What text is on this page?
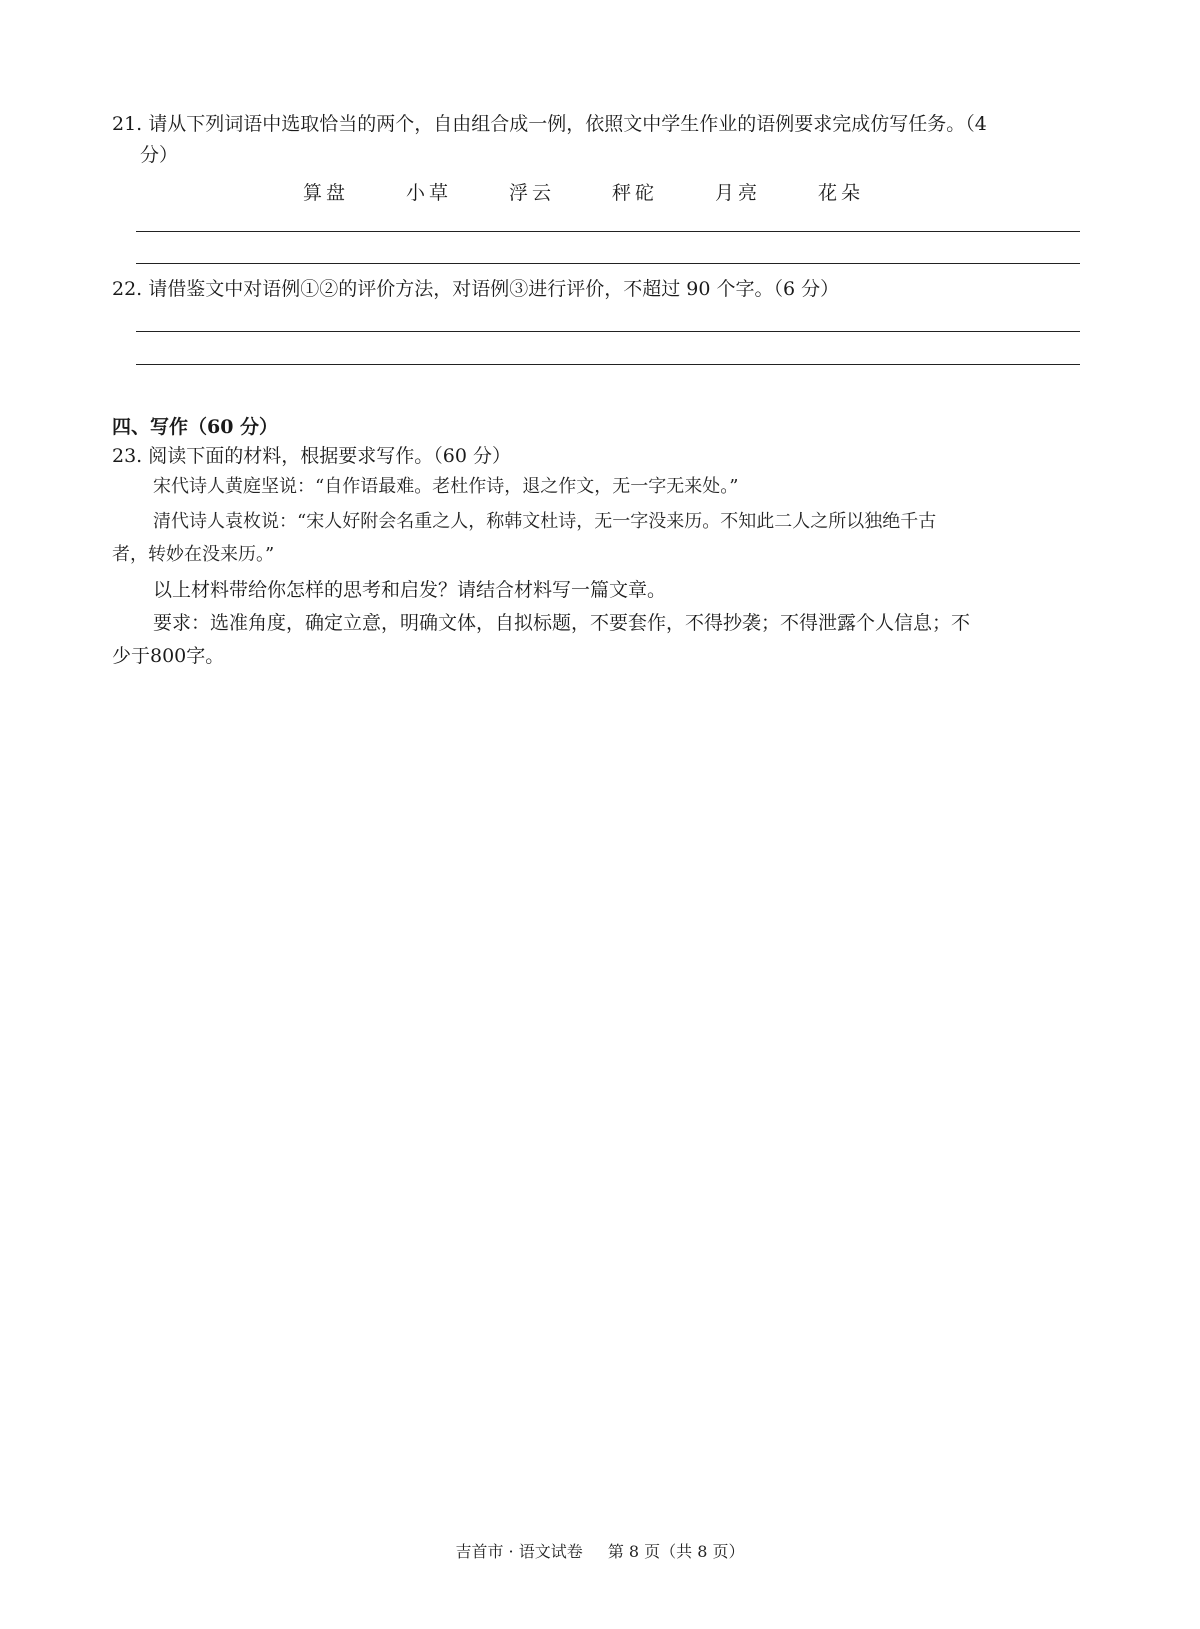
21. 请从下列词语中选取恰当的两个，自由组合成一例，依照文中学生作业的语例要求完成仿写任务。（4
分）
算盘	小草	浮云	秤砣	月亮	花朵
22. 请借鉴文中对语例①②的评价方法，对语例③进行评价，不超过 90 个字。（6 分）
四、写作（60 分）
23. 阅读下面的材料，根据要求写作。（60 分）
宋代诗人黄庭坚说：“自作语最难。老杜作诗，退之作文，无一字无来处。”
清代诗人袁枚说：“宋人好附会名重之人，称韩文杜诗，无一字没来历。不知此二人之所以独绝千古
者，转妙在没来历。”
以上材料带给你怎样的思考和启发？请结合材料写一篇文章。
要求：选准角度，确定立意，明确文体，自拟标题，不要套作，不得抄袭；不得泄露个人信息；不
少于800字。
吉首市 · 语文试卷 第 8 页（共 8 页）
